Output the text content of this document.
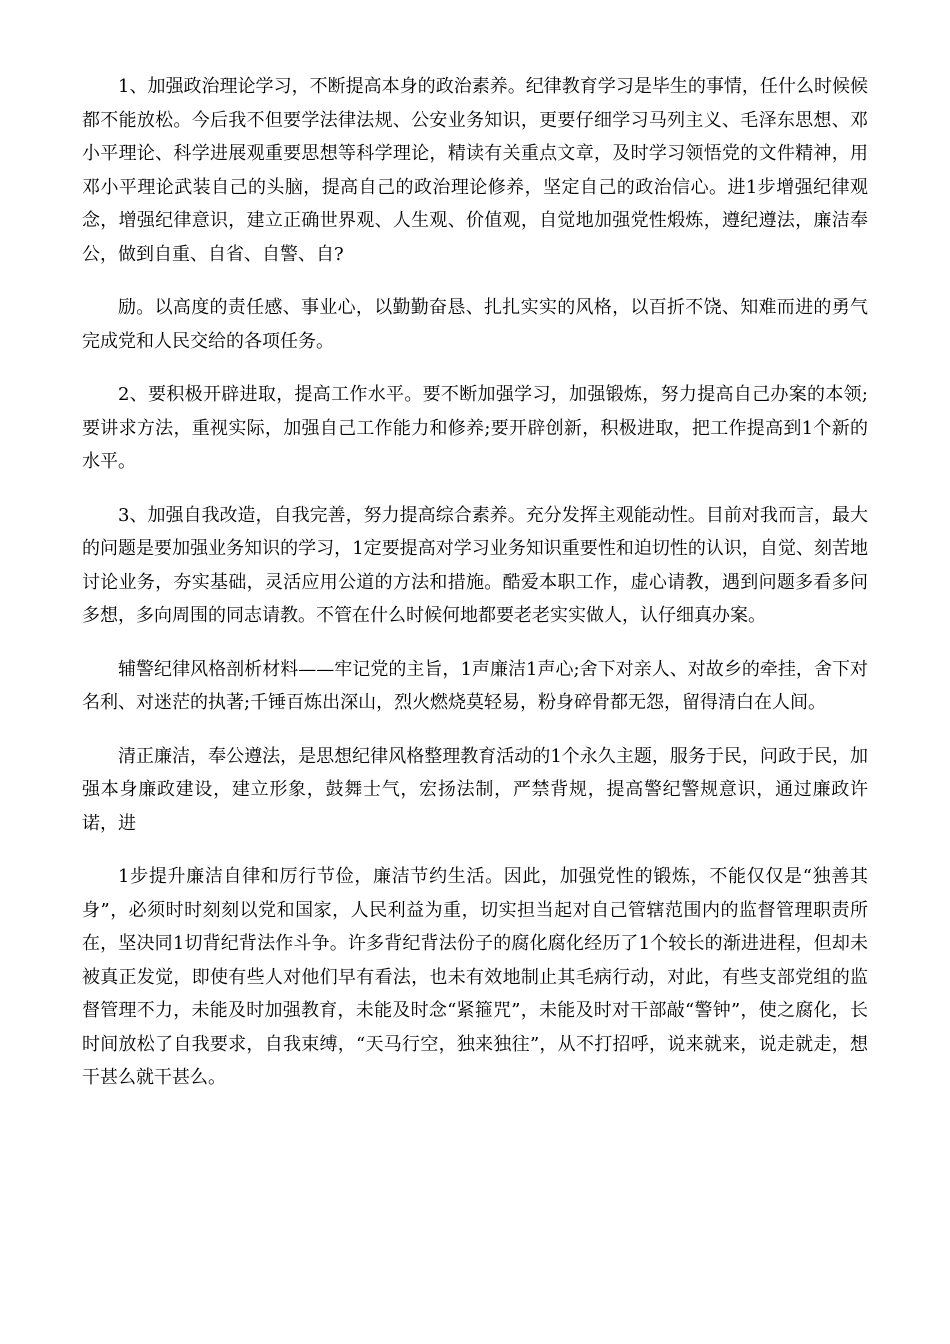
1、加强政治理论学习，不断提高本身的政治素养。纪律教育学习是毕生的事情，任什么时候候都不能放松。今后我不但要学法律法规、公安业务知识，更要仔细学习马列主义、毛泽东思想、邓小平理论、科学进展观重要思想等科学理论，精读有关重点文章，及时学习领悟党的文件精神，用邓小平理论武装自己的头脑，提高自己的政治理论修养，坚定自己的政治信心。进1步增强纪律观念，增强纪律意识，建立正确世界观、人生观、价值观，自觉地加强党性煅炼，遵纪遵法，廉洁奉公，做到自重、自省、自警、自?

励。以高度的责任感、事业心，以勤勤奋恳、扎扎实实的风格，以百折不饶、知难而进的勇气完成党和人民交给的各项任务。

2、要积极开辟进取，提高工作水平。要不断加强学习，加强锻炼，努力提高自己办案的本领;要讲求方法，重视实际，加强自己工作能力和修养;要开辟创新，积极进取，把工作提高到1个新的水平。

3、加强自我改造，自我完善，努力提高综合素养。充分发挥主观能动性。目前对我而言，最大的问题是要加强业务知识的学习，1定要提高对学习业务知识重要性和迫切性的认识，自觉、刻苦地讨论业务，夯实基础，灵活应用公道的方法和措施。酷爱本职工作，虚心请教，遇到问题多看多问多想，多向周围的同志请教。不管在什么时候何地都要老老实实做人，认仔细真办案。

辅警纪律风格剖析材料——牢记党的主旨，1声廉洁1声心;舍下对亲人、对故乡的牵挂，舍下对名利、对迷茫的执著;千锤百炼出深山，烈火燃烧莫轻易，粉身碎骨都无怨，留得清白在人间。

清正廉洁，奉公遵法，是思想纪律风格整理教育活动的1个永久主题，服务于民，问政于民，加强本身廉政建设，建立形象，鼓舞士气，宏扬法制，严禁背规，提高警纪警规意识，通过廉政许诺，进

1步提升廉洁自律和厉行节俭，廉洁节约生活。因此，加强党性的锻炼，不能仅仅是“独善其身”，必须时时刻刻以党和国家，人民利益为重，切实担当起对自己管辖范围内的监督管理职责所在，坚决同1切背纪背法作斗争。许多背纪背法份子的腐化腐化经历了1个较长的渐进进程，但却未被真正发觉，即使有些人对他们早有看法，也未有效地制止其毛病行动，对此，有些支部党组的监督管理不力，未能及时加强教育，未能及时念“紧箍咒”，未能及时对干部敲“警钟”，使之腐化，长时间放松了自我要求，自我束缚，“天马行空，独来独往”，从不打招呼，说来就来，说走就走，想干甚么就干甚么。
